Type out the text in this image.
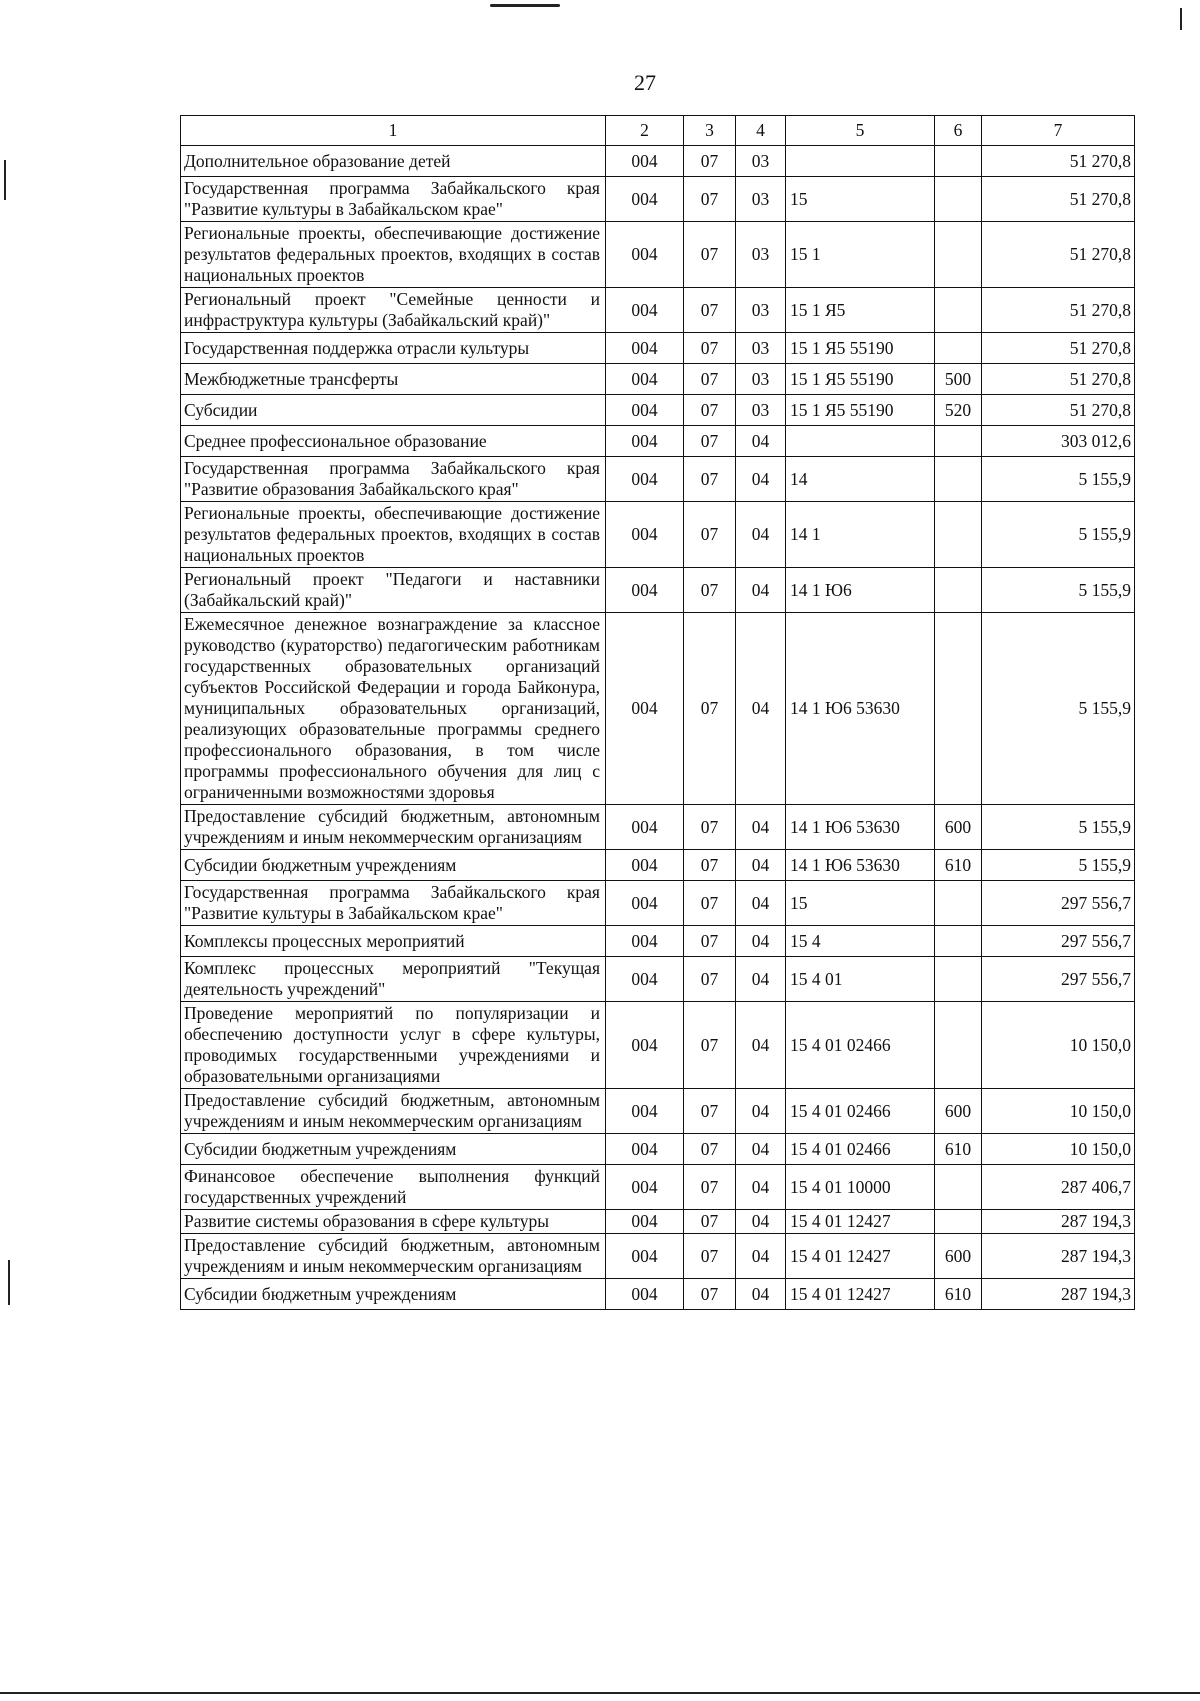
27
1	2	3	4	5	6	7
Дополнительное образование детей	004	07	03			51 270,8
Государственная программа Забайкальского края "Развитие культуры в Забайкальском крае"	004	07	03	15		51 270,8
Региональные проекты, обеспечивающие достижение результатов федеральных проектов, входящих в состав национальных проектов	004	07	03	15 1		51 270,8
Региональный проект "Семейные ценности и инфраструктура культуры (Забайкальский край)"	004	07	03	15 1 Я5		51 270,8
Государственная поддержка отрасли культуры	004	07	03	15 1 Я5 55190		51 270,8
Межбюджетные трансферты	004	07	03	15 1 Я5 55190	500	51 270,8
Субсидии	004	07	03	15 1 Я5 55190	520	51 270,8
Среднее профессиональное образование	004	07	04			303 012,6
Государственная программа Забайкальского края "Развитие образования Забайкальского края"	004	07	04	14		5 155,9
Региональные проекты, обеспечивающие достижение результатов федеральных проектов, входящих в состав национальных проектов	004	07	04	14 1		5 155,9
Региональный проект "Педагоги и наставники (Забайкальский край)"	004	07	04	14 1 Ю6		5 155,9
Ежемесячное денежное вознаграждение за классное руководство (кураторство) педагогическим работникам государственных образовательных организаций субъектов Российской Федерации и города Байконура, муниципальных образовательных организаций, реализующих образовательные программы среднего профессионального образования, в том числе программы профессионального обучения для лиц с ограниченными возможностями здоровья	004	07	04	14 1 Ю6 53630		5 155,9
Предоставление субсидий бюджетным, автономным учреждениям и иным некоммерческим организациям	004	07	04	14 1 Ю6 53630	600	5 155,9
Субсидии бюджетным учреждениям	004	07	04	14 1 Ю6 53630	610	5 155,9
Государственная программа Забайкальского края "Развитие культуры в Забайкальском крае"	004	07	04	15		297 556,7
Комплексы процессных мероприятий	004	07	04	15 4		297 556,7
Комплекс процессных мероприятий "Текущая деятельность учреждений"	004	07	04	15 4 01		297 556,7
Проведение мероприятий по популяризации и обеспечению доступности услуг в сфере культуры, проводимых государственными учреждениями и образовательными организациями	004	07	04	15 4 01 02466		10 150,0
Предоставление субсидий бюджетным, автономным учреждениям и иным некоммерческим организациям	004	07	04	15 4 01 02466	600	10 150,0
Субсидии бюджетным учреждениям	004	07	04	15 4 01 02466	610	10 150,0
Финансовое обеспечение выполнения функций государственных учреждений	004	07	04	15 4 01 10000		287 406,7
Развитие системы образования в сфере культуры	004	07	04	15 4 01 12427		287 194,3
Предоставление субсидий бюджетным, автономным учреждениям и иным некоммерческим организациям	004	07	04	15 4 01 12427	600	287 194,3
Субсидии бюджетным учреждениям	004	07	04	15 4 01 12427	610	287 194,3
